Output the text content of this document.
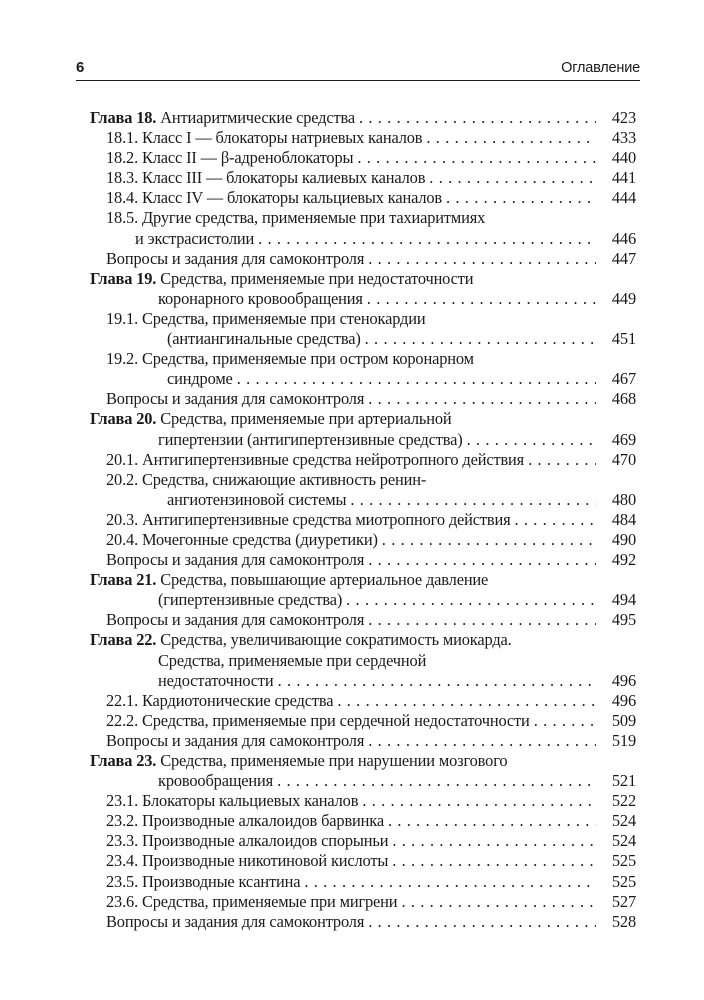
6	Оглавление
Глава 18. Антиаритмические средства . . .	423
18.1. Класс I — блокаторы натриевых каналов . . .	433
18.2. Класс II — β-адреноблокаторы . . .	440
18.3. Класс III — блокаторы калиевых каналов . . .	441
18.4. Класс IV — блокаторы кальциевых каналов . . .	444
18.5. Другие средства, применяемые при тахиаритмиях
и экстрасистолии . . .	446
Вопросы и задания для самоконтроля . . .	447
Глава 19. Средства, применяемые при недостаточности
коронарного кровообращения . . .	449
19.1. Средства, применяемые при стенокардии
(антиангинальные средства) . . .	451
19.2. Средства, применяемые при остром коронарном
синдроме . . .	467
Вопросы и задания для самоконтроля . . .	468
Глава 20. Средства, применяемые при артериальной
гипертензии (антигипертензивные средства) . . .	469
20.1. Антигипертензивные средства нейротропного действия . . .	470
20.2. Средства, снижающие активность ренин-
ангиотензиновой системы . . .	480
20.3. Антигипертензивные средства миотропного действия . . .	484
20.4. Мочегонные средства (диуретики) . . .	490
Вопросы и задания для самоконтроля . . .	492
Глава 21. Средства, повышающие артериальное давление
(гипертензивные средства) . . .	494
Вопросы и задания для самоконтроля . . .	495
Глава 22. Средства, увеличивающие сократимость миокарда.
Средства, применяемые при сердечной
недостаточности . . .	496
22.1. Кардиотонические средства . . .	496
22.2. Средства, применяемые при сердечной недостаточности . . .	509
Вопросы и задания для самоконтроля . . .	519
Глава 23. Средства, применяемые при нарушении мозгового
кровообращения . . .	521
23.1. Блокаторы кальциевых каналов . . .	522
23.2. Производные алкалоидов барвинка . . .	524
23.3. Производные алкалоидов спорыньи . . .	524
23.4. Производные никотиновой кислоты . . .	525
23.5. Производные ксантина . . .	525
23.6. Средства, применяемые при мигрени . . .	527
Вопросы и задания для самоконтроля . . .	528
